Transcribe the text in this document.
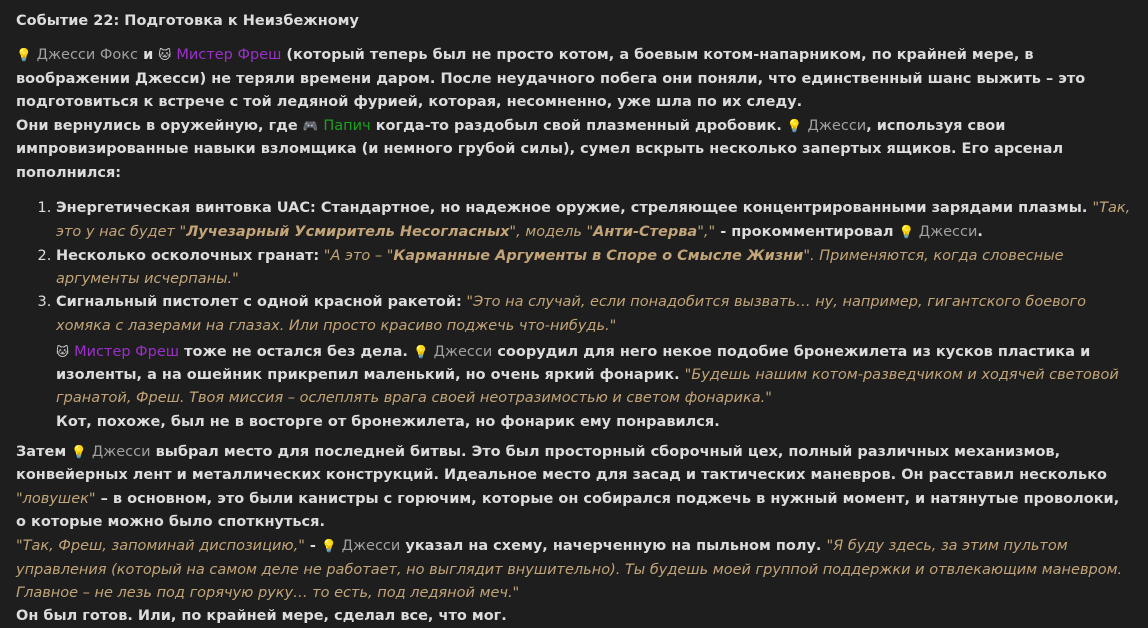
Событие 22: Подготовка к Неизбежному

💡 Джесси Фокс и 🐱 Мистер Фреш (который теперь был не просто котом, а боевым котом-напарником, по крайней мере, в воображении Джесси) не теряли времени даром. После неудачного побега они поняли, что единственный шанс выжить – это подготовиться к встрече с той ледяной фурией, которая, несомненно, уже шла по их следу.

Они вернулись в оружейную, где 🎮 Папич когда-то раздобыл свой плазменный дробовик. 💡 Джесси, используя свои импровизированные навыки взломщика (и немного грубой силы), сумел вскрыть несколько запертых ящиков. Его арсенал пополнился:

1. Энергетическая винтовка UAC: Стандартное, но надежное оружие, стреляющее концентрированными зарядами плазмы. "Так, это у нас будет "Лучезарный Усмиритель Несогласных", модель "Анти-Стерва"," - прокомментировал 💡 Джесси.
2. Несколько осколочных гранат: "А это – "Карманные Аргументы в Споре о Смысле Жизни". Применяются, когда словесные аргументы исчерпаны."
3. Сигнальный пистолет с одной красной ракетой: "Это на случай, если понадобится вызвать… ну, например, гигантского боевого хомяка с лазерами на глазах. Или просто красиво поджечь что-нибудь."

🐱 Мистер Фреш тоже не остался без дела. 💡 Джесси соорудил для него некое подобие бронежилета из кусков пластика и изоленты, а на ошейник прикрепил маленький, но очень яркий фонарик. "Будешь нашим котом-разведчиком и ходячей световой гранатой, Фреш. Твоя миссия – ослеплять врага своей неотразимостью и светом фонарика."

Кот, похоже, был не в восторге от бронежилета, но фонарик ему понравился.

Затем 💡 Джесси выбрал место для последней битвы. Это был просторный сборочный цех, полный различных механизмов, конвейерных лент и металлических конструкций. Идеальное место для засад и тактических маневров. Он расставил несколько "ловушек" – в основном, это были канистры с горючим, которые он собирался поджечь в нужный момент, и натянутые проволоки, о которые можно было споткнуться.

"Так, Фреш, запоминай диспозицию," - 💡 Джесси указал на схему, начерченную на пыльном полу. "Я буду здесь, за этим пультом управления (который на самом деле не работает, но выглядит внушительно). Ты будешь моей группой поддержки и отвлекающим маневром. Главное – не лезь под горячую руку… то есть, под ледяной меч."

Он был готов. Или, по крайней мере, сделал все, что мог.
